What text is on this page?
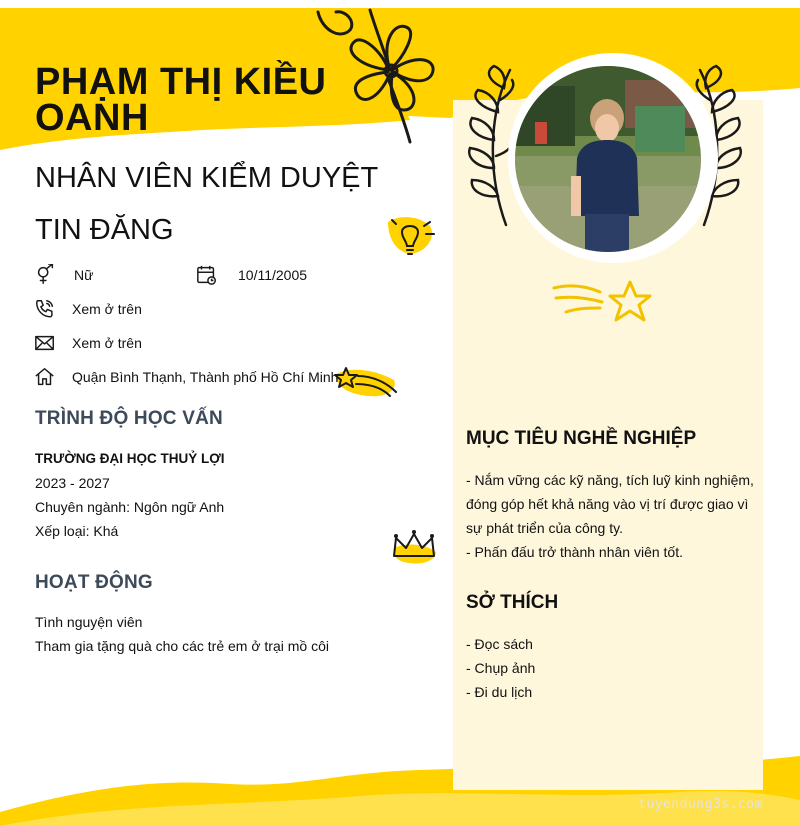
PHẠM THỊ KIỀU OANH
NHÂN VIÊN KIỂM DUYỆT TIN ĐĂNG
Nữ	10/11/2005
Xem ở trên
Xem ở trên
Quận Bình Thạnh, Thành phố Hồ Chí Minh
TRÌNH ĐỘ HỌC VẤN
TRƯỜNG ĐẠI HỌC THUỶ LỢI
2023 - 2027
Chuyên ngành: Ngôn ngữ Anh
Xếp loại: Khá
HOẠT ĐỘNG
Tình nguyện viên
Tham gia tặng quà cho các trẻ em ở trại mồ côi
MỤC TIÊU NGHỀ NGHIỆP
- Nắm vững các kỹ năng, tích luỹ kinh nghiệm,
đóng góp hết khả năng vào vị trí được giao vì
sự phát triển của công ty.
- Phấn đấu trở thành nhân viên tốt.
SỞ THÍCH
- Đọc sách
- Chụp ảnh
- Đi du lịch
tuyendung3s.com
